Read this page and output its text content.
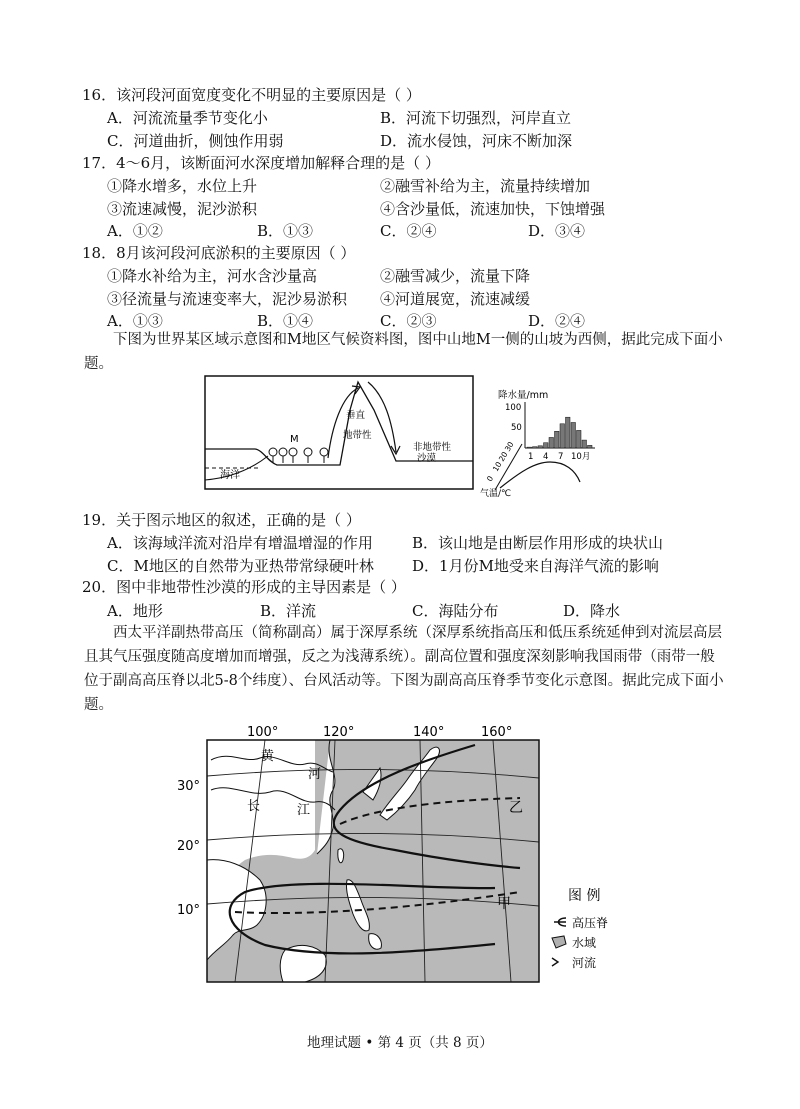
16．该河段河面宽度变化不明显的主要原因是（ ）
A．河流流量季节变化小	B．河流下切强烈，河岸直立
C．河道曲折，侧蚀作用弱	D．流水侵蚀，河床不断加深
17．4～6月，该断面河水深度增加解释合理的是（ ）
①降水增多，水位上升	②融雪补给为主，流量持续增加
③流速减慢，泥沙淤积	④含沙量低，流速加快，下蚀增强
A．①②	B．①③	C．②④	D．③④
18．8月该河段河底淤积的主要原因（ ）
①降水补给为主，河水含沙量高	②融雪减少，流量下降
③径流量与流速变率大，泥沙易淤积 ④河道展宽，流速减缓
A．①③	B．①④	C．②③	D．②④
下图为世界某区域示意图和M地区气候资料图，图中山地M一侧的山坡为西侧，据此完成下面小题。
海洋
M
垂直
地带性
非地带性
沙漠
降水量/mm
100
50
1 4 7 10月
0
10
20
30
气温/℃
19．关于图示地区的叙述，正确的是（ ）
A．该海域洋流对沿岸有增温增湿的作用	B．该山地是由断层作用形成的块状山
C．M地区的自然带为亚热带常绿硬叶林	D．1月份M地受来自海洋气流的影响
20．图中非地带性沙漠的形成的主导因素是（ ）
A．地形	B．洋流	C．海陆分布	D．降水
西太平洋副热带高压（简称副高）属于深厚系统（深厚系统指高压和低压系统延伸到对流层高层且其气压强度随高度增加而增强，反之为浅薄系统）。副高位置和强度深刻影响我国雨带（雨带一般位于副高高压脊以北5-8个纬度）、台风活动等。下图为副高高压脊季节变化示意图。据此完成下面小题。
100°	120°	140°	160°
30°
20°
10°
黄
河
长	江	乙
甲	图 例
高压脊
水域
河流
地理试题 • 第 4 页（共 8 页）
